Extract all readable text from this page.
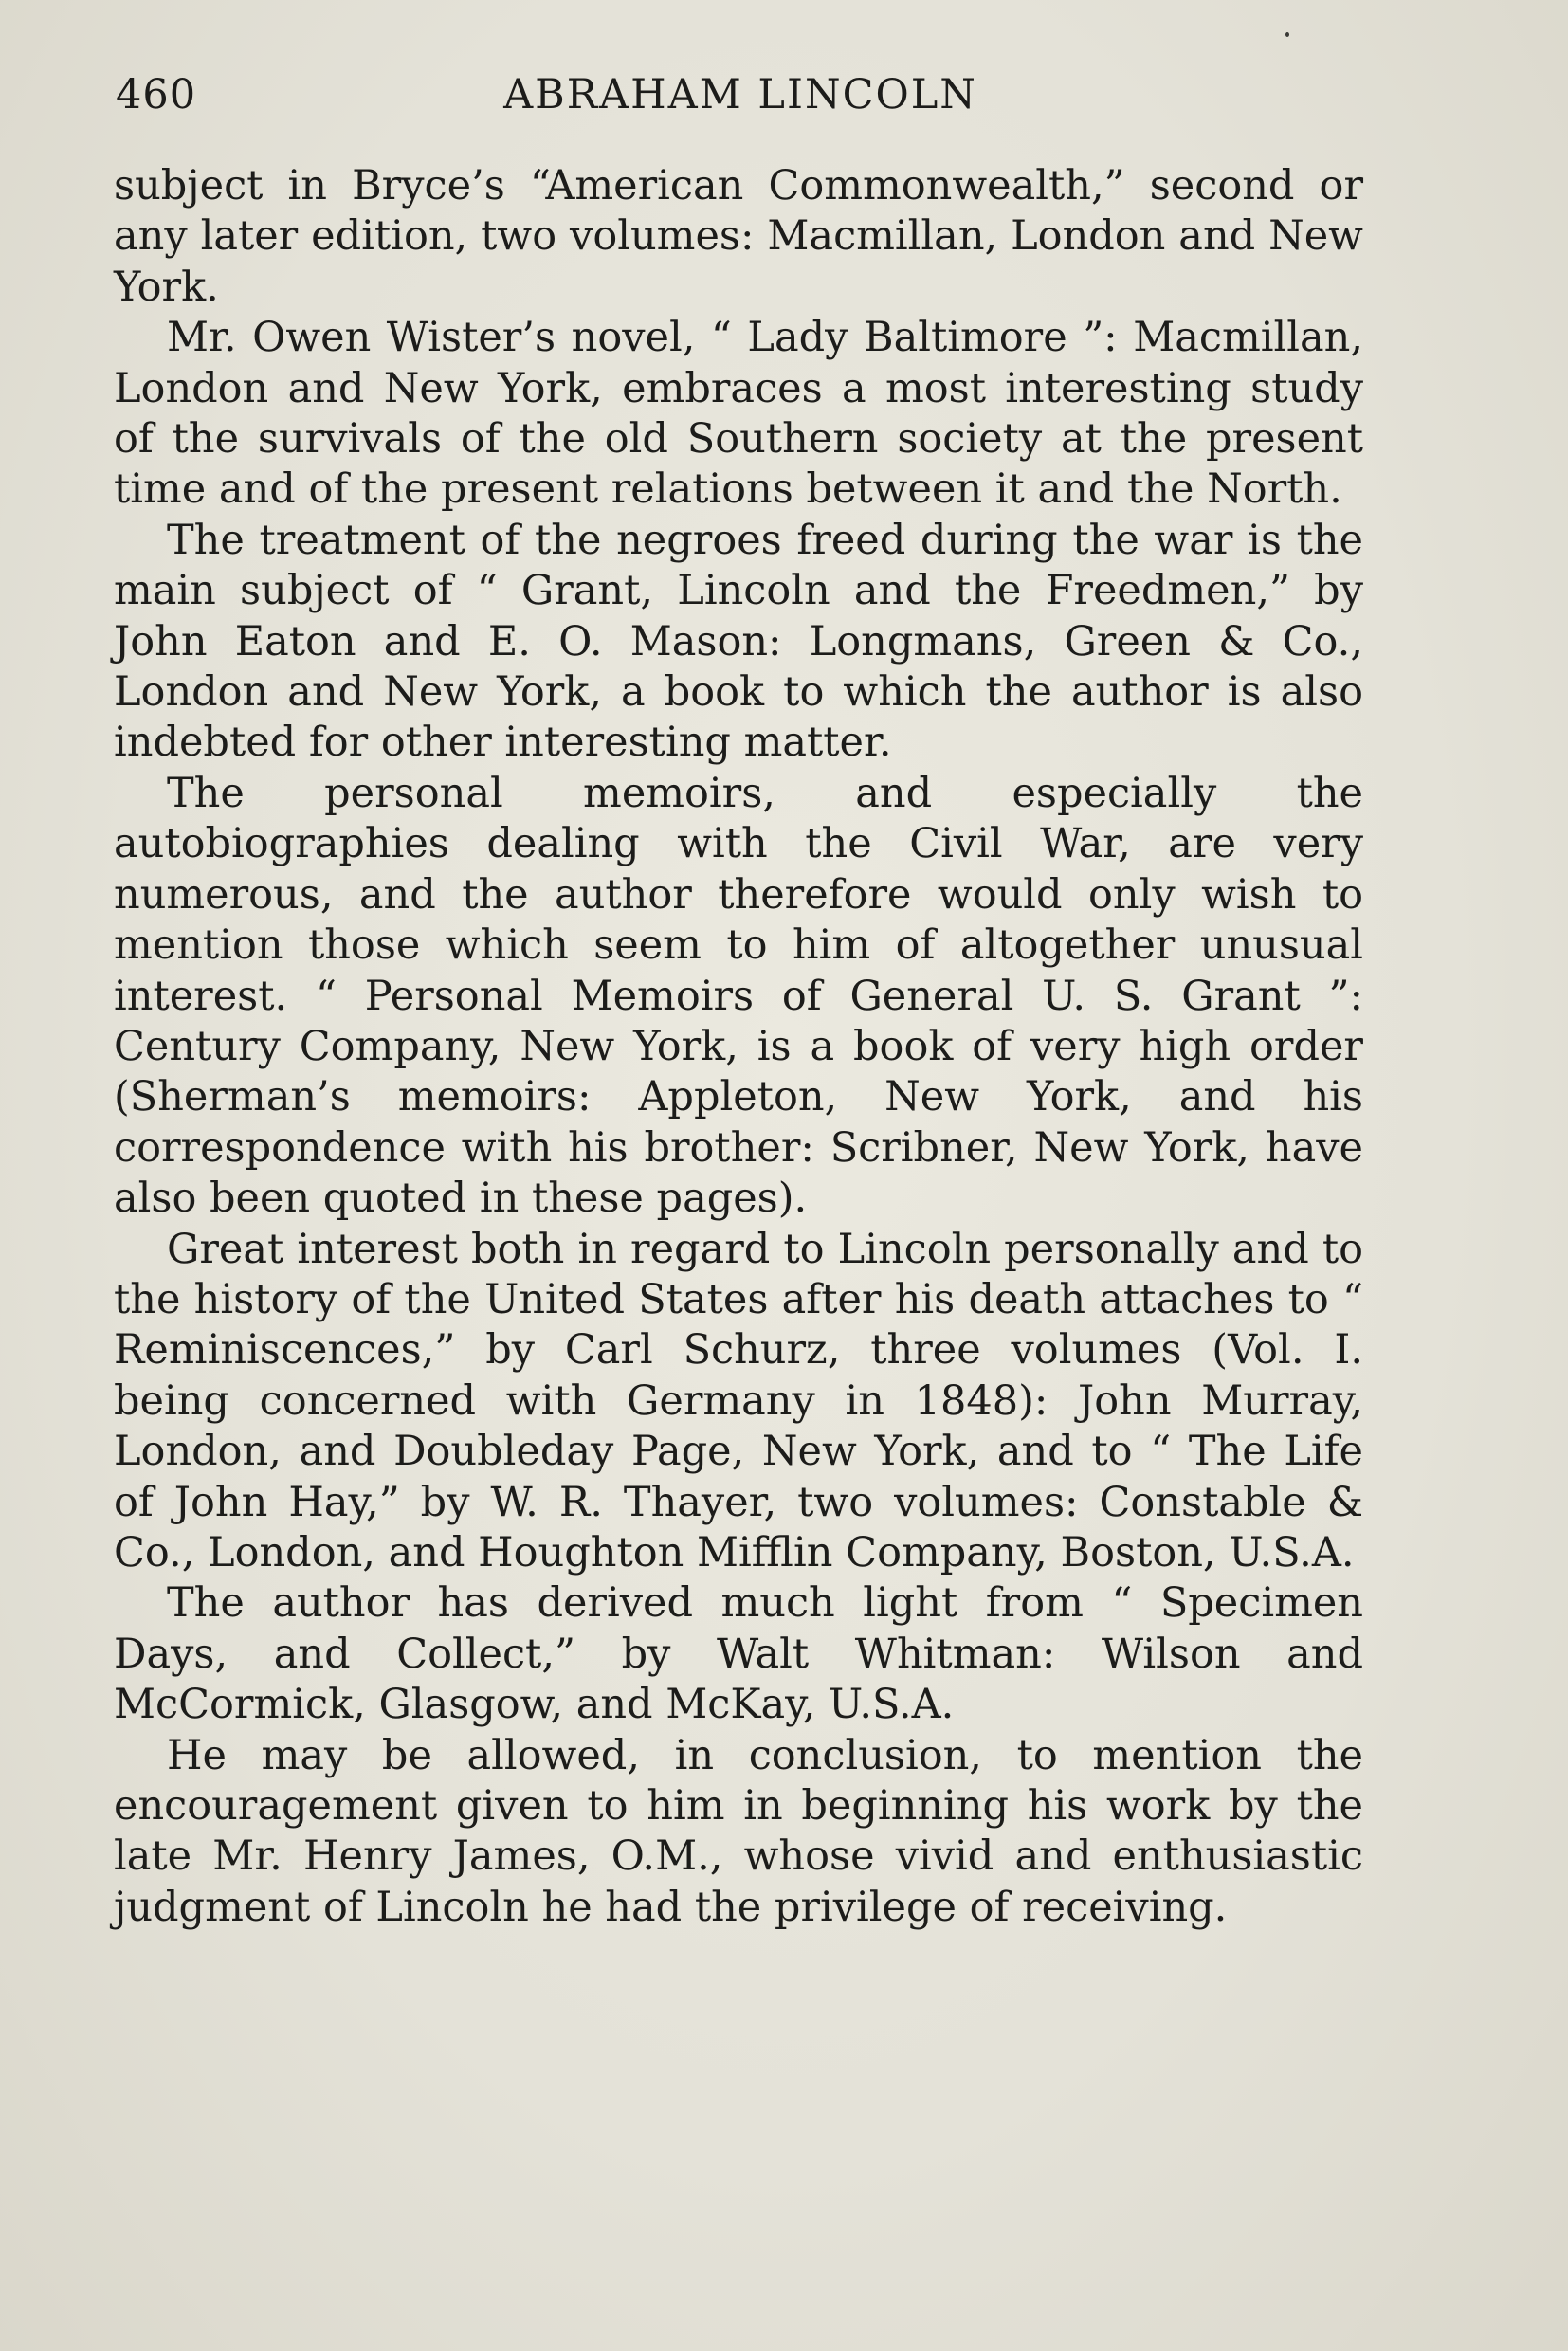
460	ABRAHAM LINCOLN

subject in Bryce’s “American Commonwealth,” second or any later edition, two volumes: Macmillan, London and New York.

Mr. Owen Wister’s novel, “ Lady Baltimore ”: Macmillan, London and New York, embraces a most interesting study of the survivals of the old Southern society at the present time and of the present relations between it and the North.

The treatment of the negroes freed during the war is the main subject of “ Grant, Lincoln and the Freedmen,” by John Eaton and E. O. Mason: Longmans, Green & Co., London and New York, a book to which the author is also indebted for other interesting matter.

The personal memoirs, and especially the autobiographies dealing with the Civil War, are very numerous, and the author therefore would only wish to mention those which seem to him of altogether unusual interest. “ Personal Memoirs of General U. S. Grant ”: Century Company, New York, is a book of very high order (Sherman’s memoirs: Appleton, New York, and his correspondence with his brother: Scribner, New York, have also been quoted in these pages).

Great interest both in regard to Lincoln personally and to the history of the United States after his death attaches to “ Reminiscences,” by Carl Schurz, three volumes (Vol. I. being concerned with Germany in 1848): John Murray, London, and Doubleday Page, New York, and to “ The Life of John Hay,” by W. R. Thayer, two volumes: Constable & Co., London, and Houghton Mifflin Company, Boston, U.S.A.

The author has derived much light from “ Specimen Days, and Collect,” by Walt Whitman: Wilson and McCormick, Glasgow, and McKay, U.S.A.

He may be allowed, in conclusion, to mention the encouragement given to him in beginning his work by the late Mr. Henry James, O.M., whose vivid and enthusiastic judgment of Lincoln he had the privilege of receiving.
